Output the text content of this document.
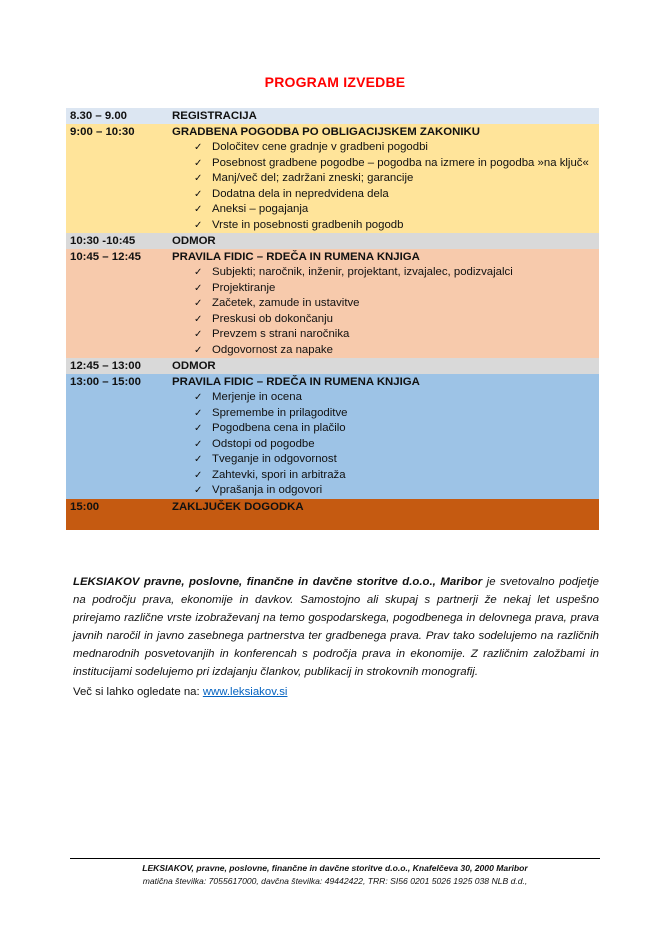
PROGRAM IZVEDBE
8.30 – 9.00	REGISTRACIJA
9:00 – 10:30	GRADBENA POGODBA PO OBLIGACIJSKEM ZAKONIKU
✓ Določitev cene gradnje v gradbeni pogodbi
✓ Posebnost gradbene pogodbe – pogodba na izmere in pogodba »na ključ«
✓ Manj/več del; zadržani zneski; garancije
✓ Dodatna dela in nepredvidena dela
✓ Aneksi – pogajanja
✓ Vrste in posebnosti gradbenih pogodb
10:30 -10:45	ODMOR
10:45 – 12:45	PRAVILA FIDIC – RDEČA IN RUMENA KNJIGA
✓ Subjekti; naročnik, inženir, projektant, izvajalec, podizvajalci
✓ Projektiranje
✓ Začetek, zamude in ustavitve
✓ Preskusi ob dokončanju
✓ Prevzem s strani naročnika
✓ Odgovornost za napake
12:45 – 13:00	ODMOR
13:00 – 15:00	PRAVILA FIDIC – RDEČA IN RUMENA KNJIGA
✓ Merjenje in ocena
✓ Spremembe in prilagoditve
✓ Pogodbena cena in plačilo
✓ Odstopi od pogodbe
✓ Tveganje in odgovornost
✓ Zahtevki, spori in arbitraža
✓ Vprašanja in odgovori
15:00	ZAKLJUČEK DOGODKA
LEKSIAKOV pravne, poslovne, finančne in davčne storitve d.o.o., Maribor je svetovalno podjetje na področju prava, ekonomije in davkov. Samostojno ali skupaj s partnerji že nekaj let uspešno prirejamo različne vrste izobraževanj na temo gospodarskega, pogodbenega in delovnega prava, prava javnih naročil in javno zasebnega partnerstva ter gradbenega prava. Prav tako sodelujemo na različnih mednarodnih posvetovanjih in konferencah s področja prava in ekonomije. Z različnim založbami in institucijami sodelujemo pri izdajanju člankov, publikacij in strokovnih monografij.
Več si lahko ogledate na: www.leksiakov.si
LEKSIAKOV, pravne, poslovne, finančne in davčne storitve d.o.o., Knafelčeva 30, 2000 Maribor
matična številka: 7055617000, davčna številka: 49442422, TRR: SI56 0201 5026 1925 038 NLB d.d.,
